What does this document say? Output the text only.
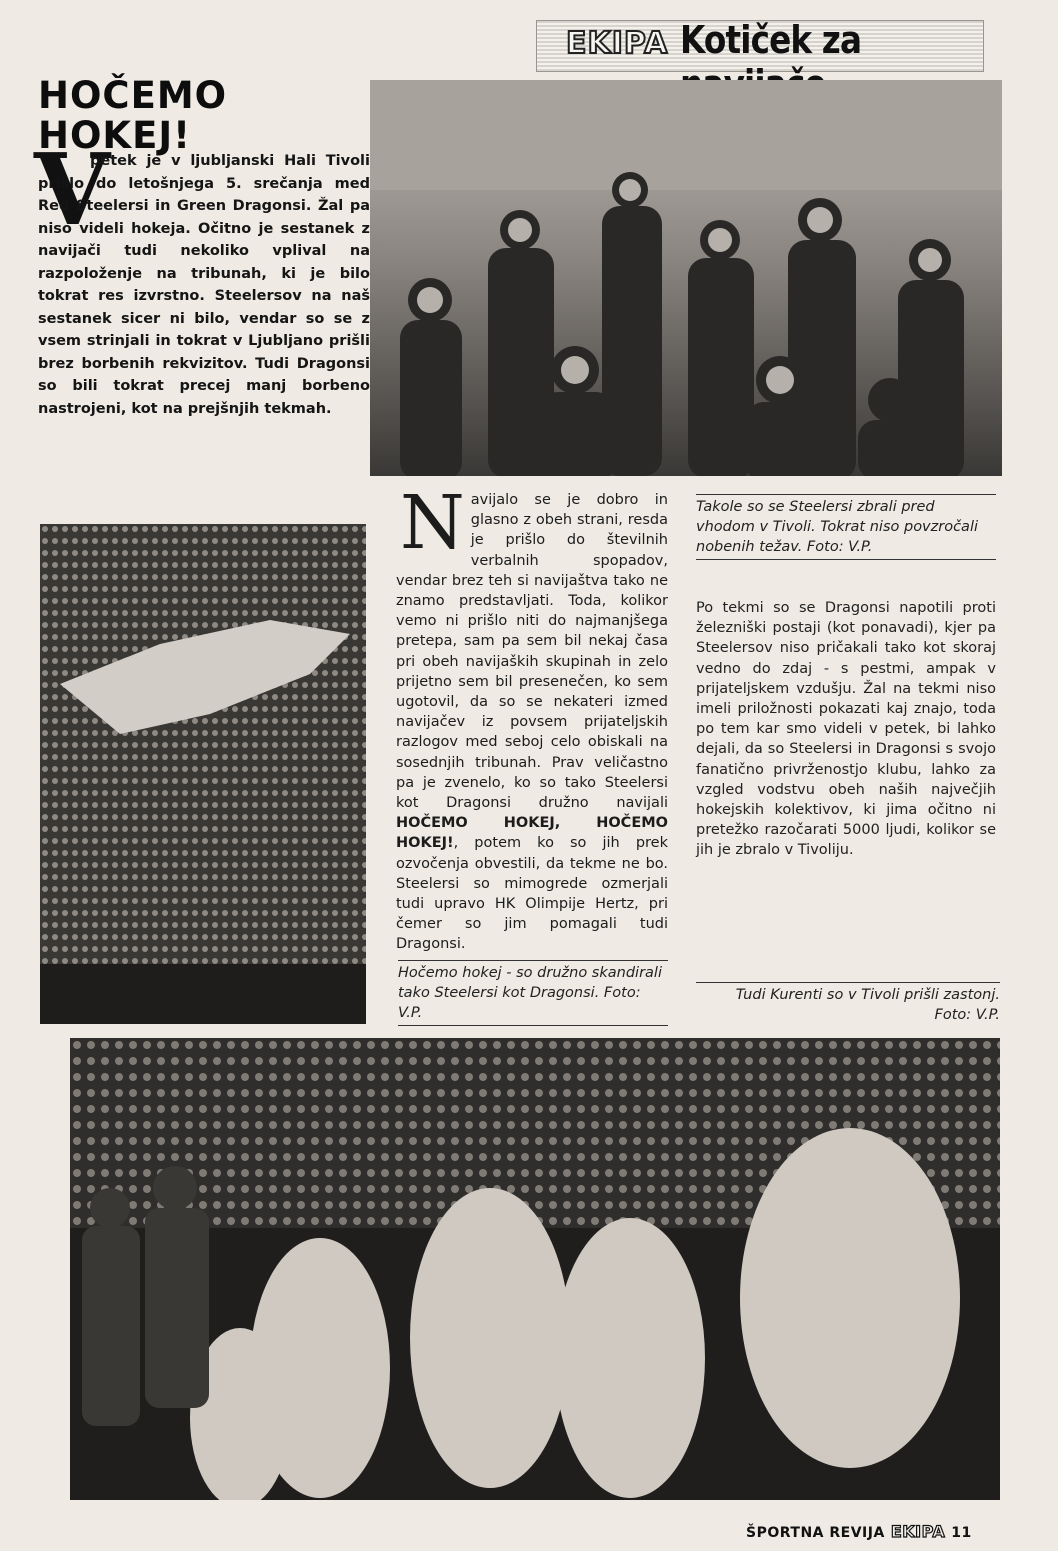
EKIPA Kotiček za
HOČEMO
HOKEJ!
V

petek je v ljubljanski Hali Tivoli prišlo do letošnjega 5. srečanja med Red Steelersi in Green Dragonsi. Žal pa niso videli hokeja. Očitno je sestanek z navijači tudi nekoliko vplival na razpoloženje na tribunah, ki je bilo tokrat res izvrstno. Steelersov na naš sestanek sicer ni bilo, vendar so se z vsem strinjali in tokrat v Ljubljano prišli brez borbenih rekvizitov. Tudi Dragonsi so bili tokrat precej manj borbeno nastrojeni, kot na prejšnjih tekmah.

Navijalo se je dobro in glasno z obeh strani, resda je prišlo do številnih verbalnih spopadov, vendar brez teh si navijaštva tako ne znamo predstavljati. Toda, kolikor vemo ni prišlo niti do najmanjšega pretepa, sam pa sem bil nekaj časa pri obeh navijaških skupinah in zelo prijetno sem bil presenečen, ko sem ugotovil, da so se nekateri izmed navijačev iz povsem prijateljskih razlogov med seboj celo obiskali na sosednjih tribunah. Prav veličastno pa je zvenelo, ko so tako Steelersi kot Dragonsi družno navijali HOČEMO HOKEJ, HOČEMO HOKEJ!, potem ko so jih prek ozvočenja obvestili, da tekme ne bo. Steelersi so mimogrede ozmerjali tudi upravo HK Olimpije Hertz, pri čemer so jim pomagali tudi Dragonsi.

Takole so se Steelersi zbrali pred vhodom v Tivoli. Tokrat niso povzročali nobenih težav. Foto: V.P.

Po tekmi so se Dragonsi napotili proti železniški postaji (kot ponavadi), kjer pa Steelersov niso pričakali tako kot skoraj vedno do zdaj - s pestmi, ampak v prijateljskem vzdušju. Žal na tekmi niso imeli priložnosti pokazati kaj znajo, toda po tem kar smo videli v petek, bi lahko dejali, da so Steelersi in Dragonsi s svojo fanatično privrženostjo klubu, lahko za vzgled vodstvu obeh naših največjih hokejskih kolektivov, ki jima očitno ni pretežko razočarati 5000 ljudi, kolikor se jih je zbralo v Tivoliju.

Hočemo hokej - so družno skandirali tako Steelersi kot Dragonsi. Foto: V.P.
Tudi Kurenti so v Tivoli prišli zastonj.
Foto: V.P.
ŠPORTNA REVIJA EKIPA 11
